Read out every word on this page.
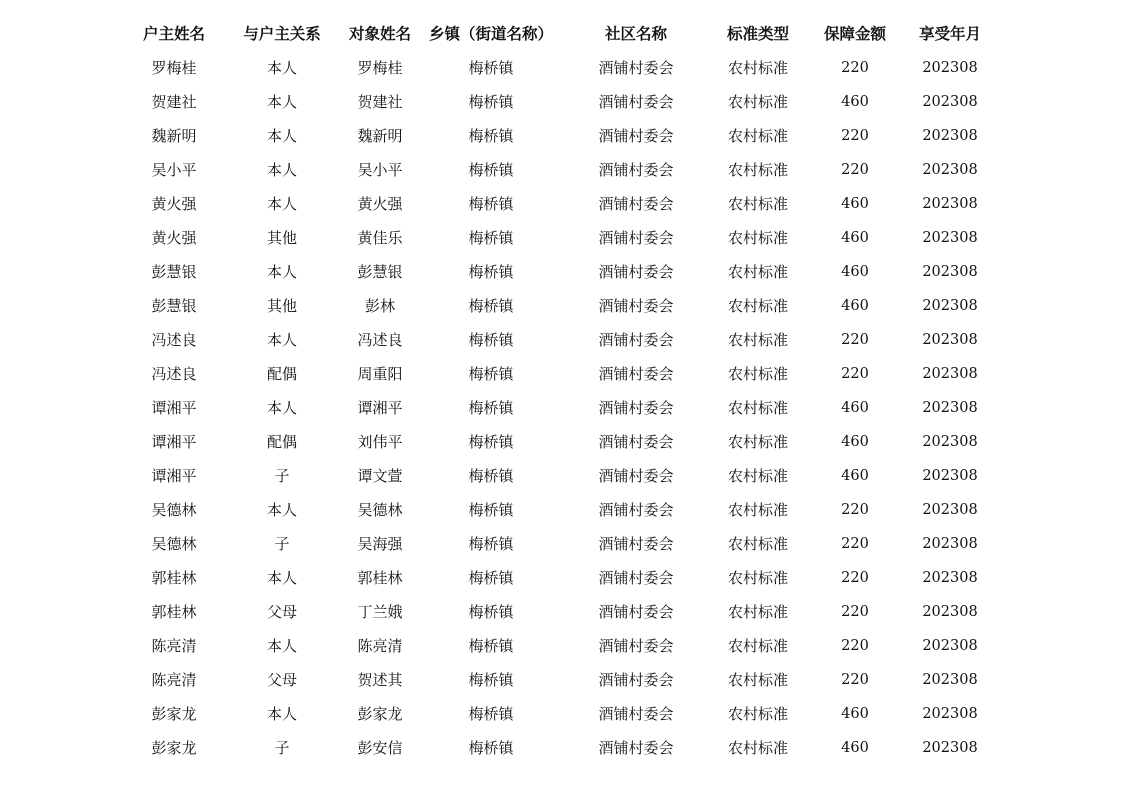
户主姓名	与户主关系	对象姓名	乡镇（街道名称）	社区名称	标准类型	保障金额	享受年月
罗梅桂	本人	罗梅桂	梅桥镇	酒铺村委会	农村标准	220	202308
贺建社	本人	贺建社	梅桥镇	酒铺村委会	农村标准	460	202308
魏新明	本人	魏新明	梅桥镇	酒铺村委会	农村标准	220	202308
吴小平	本人	吴小平	梅桥镇	酒铺村委会	农村标准	220	202308
黄火强	本人	黄火强	梅桥镇	酒铺村委会	农村标准	460	202308
黄火强	其他	黄佳乐	梅桥镇	酒铺村委会	农村标准	460	202308
彭慧银	本人	彭慧银	梅桥镇	酒铺村委会	农村标准	460	202308
彭慧银	其他	彭林	梅桥镇	酒铺村委会	农村标准	460	202308
冯述良	本人	冯述良	梅桥镇	酒铺村委会	农村标准	220	202308
冯述良	配偶	周重阳	梅桥镇	酒铺村委会	农村标准	220	202308
谭湘平	本人	谭湘平	梅桥镇	酒铺村委会	农村标准	460	202308
谭湘平	配偶	刘伟平	梅桥镇	酒铺村委会	农村标准	460	202308
谭湘平	子	谭文萱	梅桥镇	酒铺村委会	农村标准	460	202308
吴德林	本人	吴德林	梅桥镇	酒铺村委会	农村标准	220	202308
吴德林	子	吴海强	梅桥镇	酒铺村委会	农村标准	220	202308
郭桂林	本人	郭桂林	梅桥镇	酒铺村委会	农村标准	220	202308
郭桂林	父母	丁兰娥	梅桥镇	酒铺村委会	农村标准	220	202308
陈亮清	本人	陈亮清	梅桥镇	酒铺村委会	农村标准	220	202308
陈亮清	父母	贺述其	梅桥镇	酒铺村委会	农村标准	220	202308
彭家龙	本人	彭家龙	梅桥镇	酒铺村委会	农村标准	460	202308
彭家龙	子	彭安信	梅桥镇	酒铺村委会	农村标准	460	202308
